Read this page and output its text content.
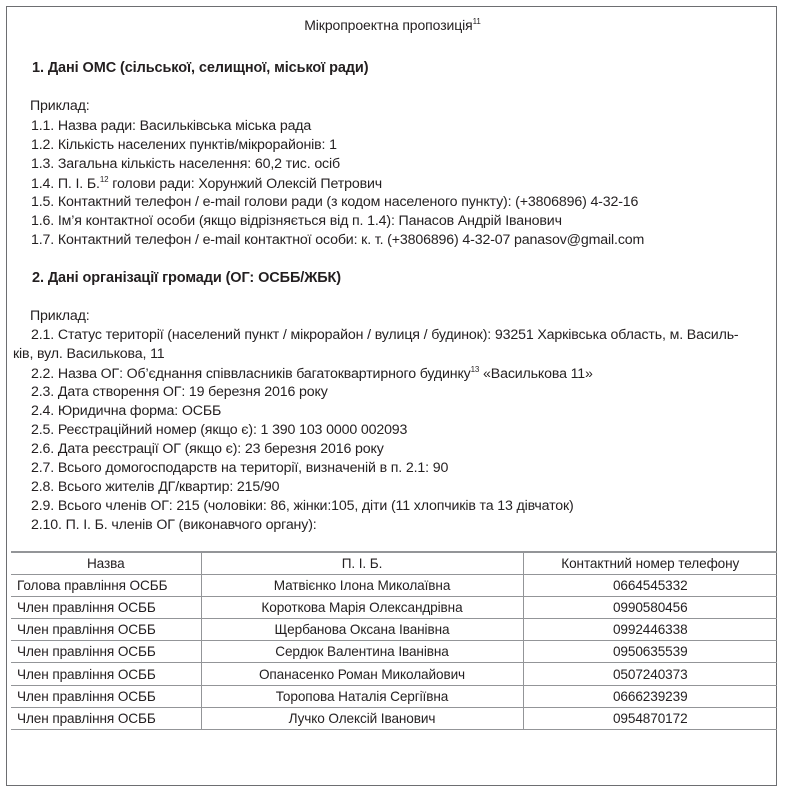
Мікропроектна пропозиція$^{11}$
1. Дані ОМС (сільської, селищної, міської ради)
Приклад:
1.1. Назва ради: Васильківська міська рада
1.2. Кількість населених пунктів/мікрорайонів: 1
1.3. Загальна кількість населення: 60,2 тис. осіб
1.4. П. І. Б.$^{12}$ голови ради: Хорунжий Олексій Петрович
1.5. Контактний телефон / e-mail голови ради (з кодом населеного пункту): (+3806896) 4-32-16
1.6. Ім’я контактної особи (якщо відрізняється від п. 1.4): Панасов Андрій Іванович
1.7. Контактний телефон / e-mail контактної особи: к. т. (+3806896) 4-32-07 panasov@gmail.com
2. Дані організації громади (ОГ: ОСББ/ЖБК)
Приклад:
2.1. Статус території (населений пункт / мікрорайон / вулиця / будинок): 93251 Харківська область, м. Василь-
ків, вул. Василькова, 11
2.2. Назва ОГ: Об’єднання співвласників багатоквартирного будинку$^{13}$ «Василькова 11»
2.3. Дата створення ОГ: 19 березня 2016 року
2.4. Юридична форма: ОСББ
2.5. Реєстраційний номер (якщо є): 1 390 103 0000 002093
2.6. Дата реєстрації ОГ (якщо є): 23 березня 2016 року
2.7. Всього домогосподарств на території, визначеній в п. 2.1: 90
2.8. Всього жителів ДГ/квартир: 215/90
2.9. Всього членів ОГ: 215 (чоловіки: 86, жінки:105, діти (11 хлопчиків та 13 дівчаток)
2.10. П. І. Б. членів ОГ (виконавчого органу):
Назва	П. І. Б.	Контактний номер телефону
Голова правління ОСББ	Матвієнко Ілона Миколаївна	0664545332
Член правління ОСББ	Короткова Марія Олександрівна	0990580456
Член правління ОСББ	Щербанова Оксана Іванівна	0992446338
Член правління ОСББ	Сердюк Валентина Іванівна	0950635539
Член правління ОСББ	Опанасенко Роман Миколайович	0507240373
Член правління ОСББ	Торопова Наталія Сергіївна	0666239239
Член правління ОСББ	Лучко Олексій Іванович	0954870172
